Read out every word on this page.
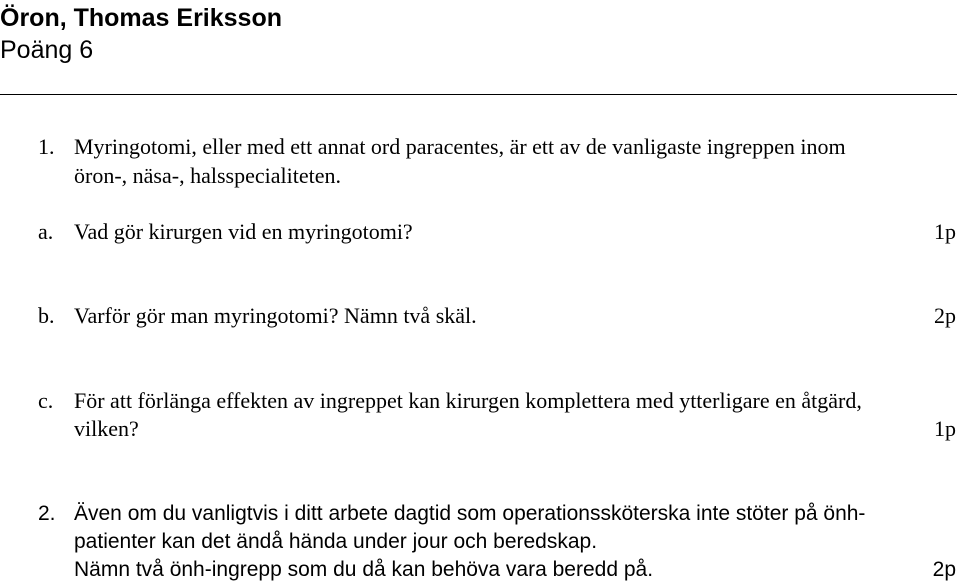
Öron, Thomas Eriksson
Poäng 6
1. Myringotomi, eller med ett annat ord paracentes, är ett av de vanligaste ingreppen inom
öron-, näsa-, halsspecialiteten.
a. Vad gör kirurgen vid en myringotomi?	1p
b. Varför gör man myringotomi? Nämn två skäl.	2p
c. För att förlänga effekten av ingreppet kan kirurgen komplettera med ytterligare en åtgärd,
vilken?	1p
2. Även om du vanligtvis i ditt arbete dagtid som operationssköterska inte stöter på önh-
patienter kan det ändå hända under jour och beredskap.
Nämn två önh-ingrepp som du då kan behöva vara beredd på.	2p
